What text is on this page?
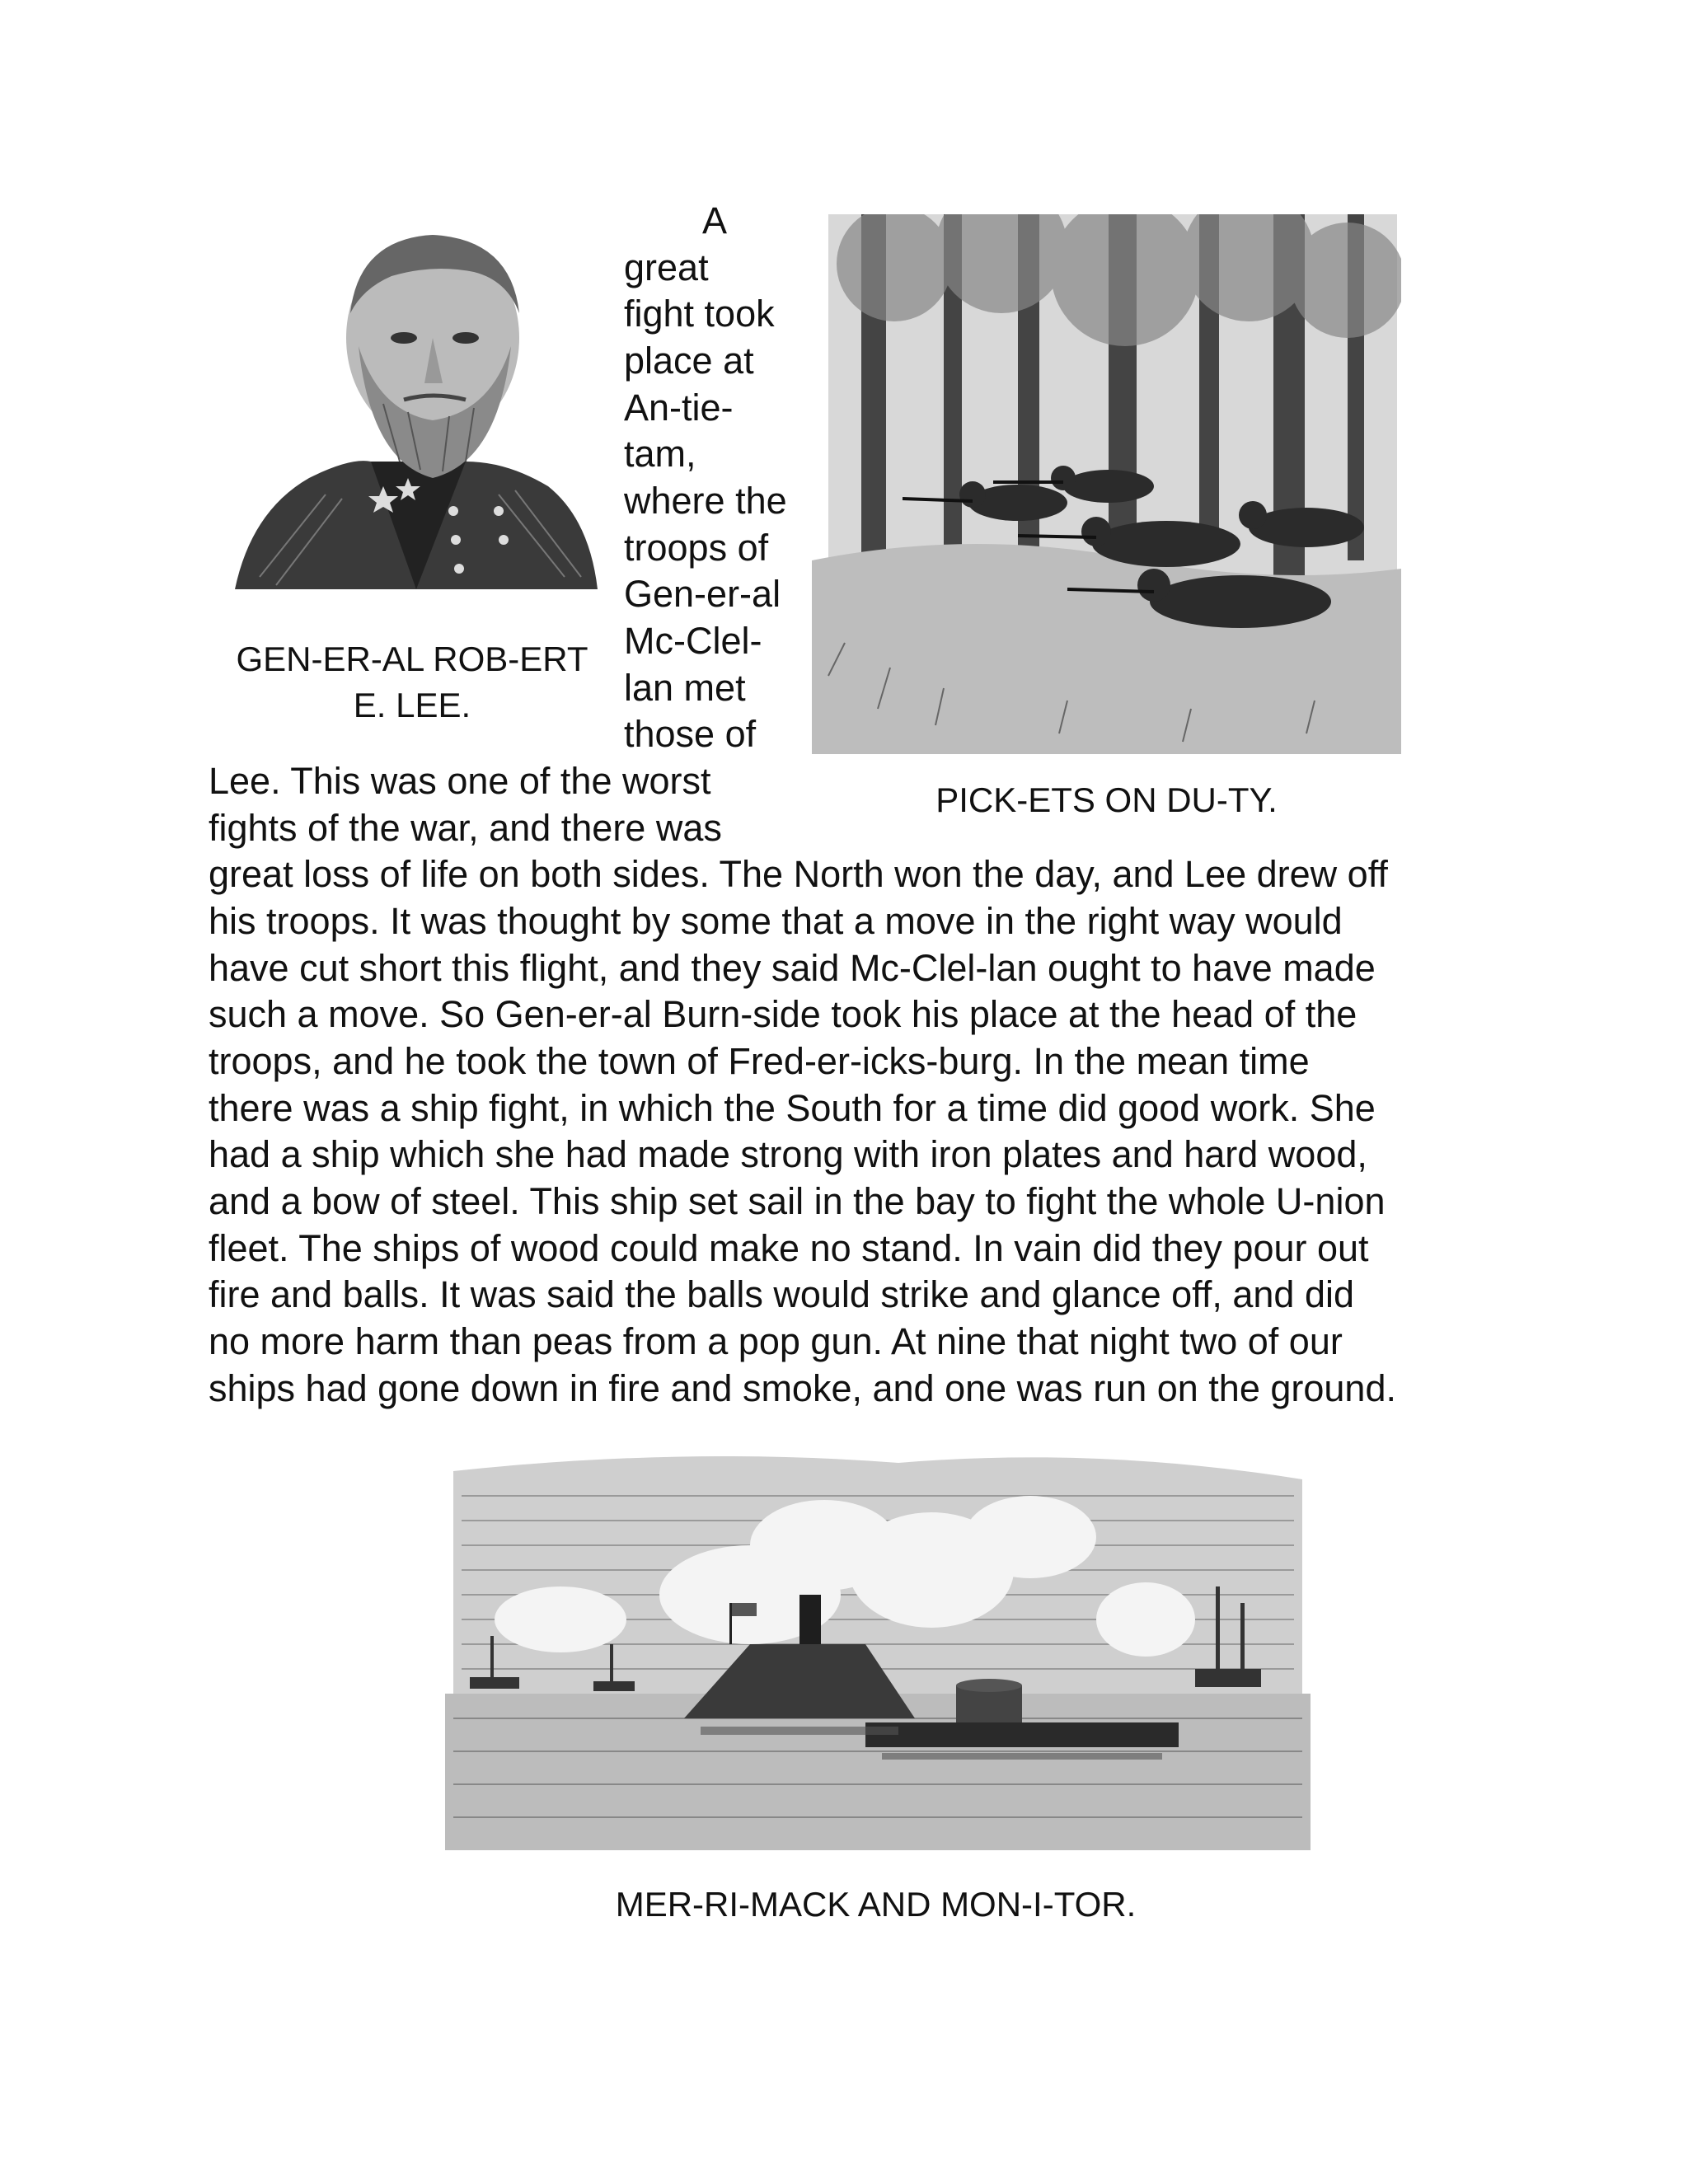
GEN-ER-AL ROB-ERT
E. LEE.
PICK-ETS ON DU-TY.
A
great
fight took
place at
An-tie-
tam,
where the
troops of
Gen-er-al
Mc-Clel-
lan met
those of
Lee. This was one of the worst
fights of the war, and there was
great loss of life on both sides. The North won the day, and Lee drew off
his troops. It was thought by some that a move in the right way would
have cut short this flight, and they said Mc-Clel-lan ought to have made
such a move. So Gen-er-al Burn-side took his place at the head of the
troops, and he took the town of Fred-er-icks-burg. In the mean time
there was a ship fight, in which the South for a time did good work. She
had a ship which she had made strong with iron plates and hard wood,
and a bow of steel. This ship set sail in the bay to fight the whole U-nion
fleet. The ships of wood could make no stand. In vain did they pour out
fire and balls. It was said the balls would strike and glance off, and did
no more harm than peas from a pop gun. At nine that night two of our
ships had gone down in fire and smoke, and one was run on the ground.
MER-RI-MACK AND MON-I-TOR.
